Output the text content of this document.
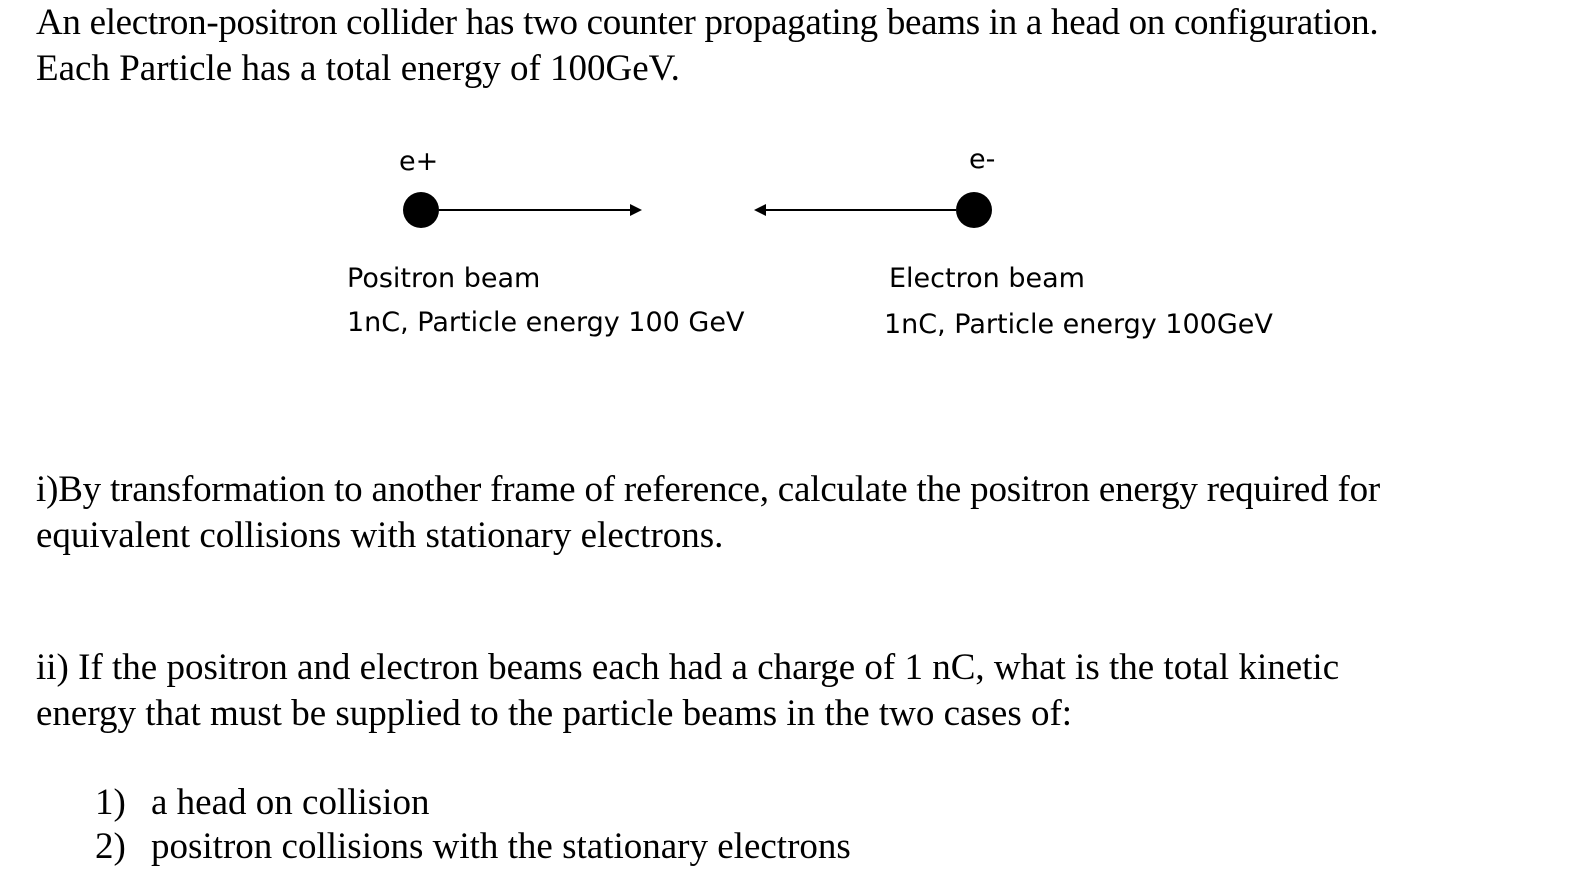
An electron-positron collider has two counter propagating beams in a head on configuration.
Each Particle has a total energy of 100GeV.
e+	e-
Positron beam
1nC, Particle energy 100 GeV
Electron beam
1nC, Particle energy 100GeV
i)By transformation to another frame of reference, calculate the positron energy required for
equivalent collisions with stationary electrons.
ii) If the positron and electron beams each had a charge of 1 nC, what is the total kinetic
energy that must be supplied to the particle beams in the two cases of:
1) a head on collision
2) positron collisions with the stationary electrons
